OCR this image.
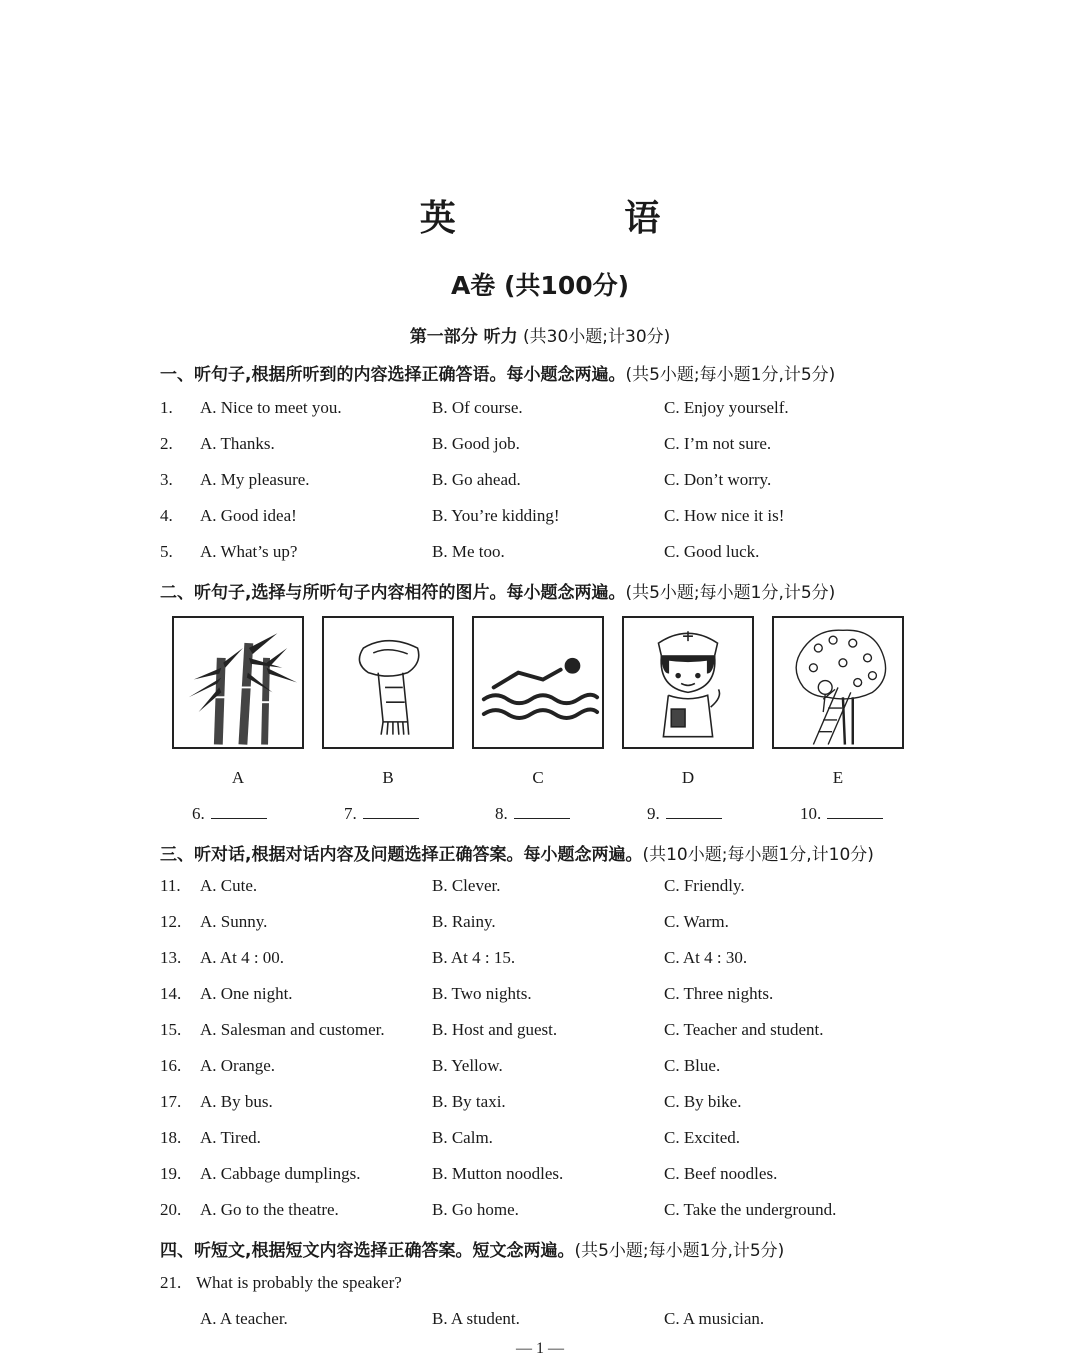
英 语
A卷 (共100分)
第一部分 听力 (共30小题;计30分)
一、听句子,根据所听到的内容选择正确答语。每小题念两遍。(共5小题;每小题1分,计5分)
1. A. Nice to meet you.	B. Of course.	C. Enjoy yourself.
2. A. Thanks.	B. Good job.	C. I’m not sure.
3. A. My pleasure.	B. Go ahead.	C. Don’t worry.
4. A. Good idea!	B. You’re kidding!	C. How nice it is!
5. A. What’s up?	B. Me too.	C. Good luck.
二、听句子,选择与所听句子内容相符的图片。每小题念两遍。(共5小题;每小题1分,计5分)
A	B	C	D	E
6.	7.	8.	9.	10.
三、听对话,根据对话内容及问题选择正确答案。每小题念两遍。(共10小题;每小题1分,计10分)
11. A. Cute.	B. Clever.	C. Friendly.
12. A. Sunny.	B. Rainy.	C. Warm.
13. A. At 4 : 00.	B. At 4 : 15.	C. At 4 : 30.
14. A. One night.	B. Two nights.	C. Three nights.
15. A. Salesman and customer.	B. Host and guest.	C. Teacher and student.
16. A. Orange.	B. Yellow.	C. Blue.
17. A. By bus.	B. By taxi.	C. By bike.
18. A. Tired.	B. Calm.	C. Excited.
19. A. Cabbage dumplings.	B. Mutton noodles.	C. Beef noodles.
20. A. Go to the theatre.	B. Go home.	C. Take the underground.
四、听短文,根据短文内容选择正确答案。短文念两遍。(共5小题;每小题1分,计5分)
21. What is probably the speaker?
A. A teacher.	B. A student.	C. A musician.
— 1 —
